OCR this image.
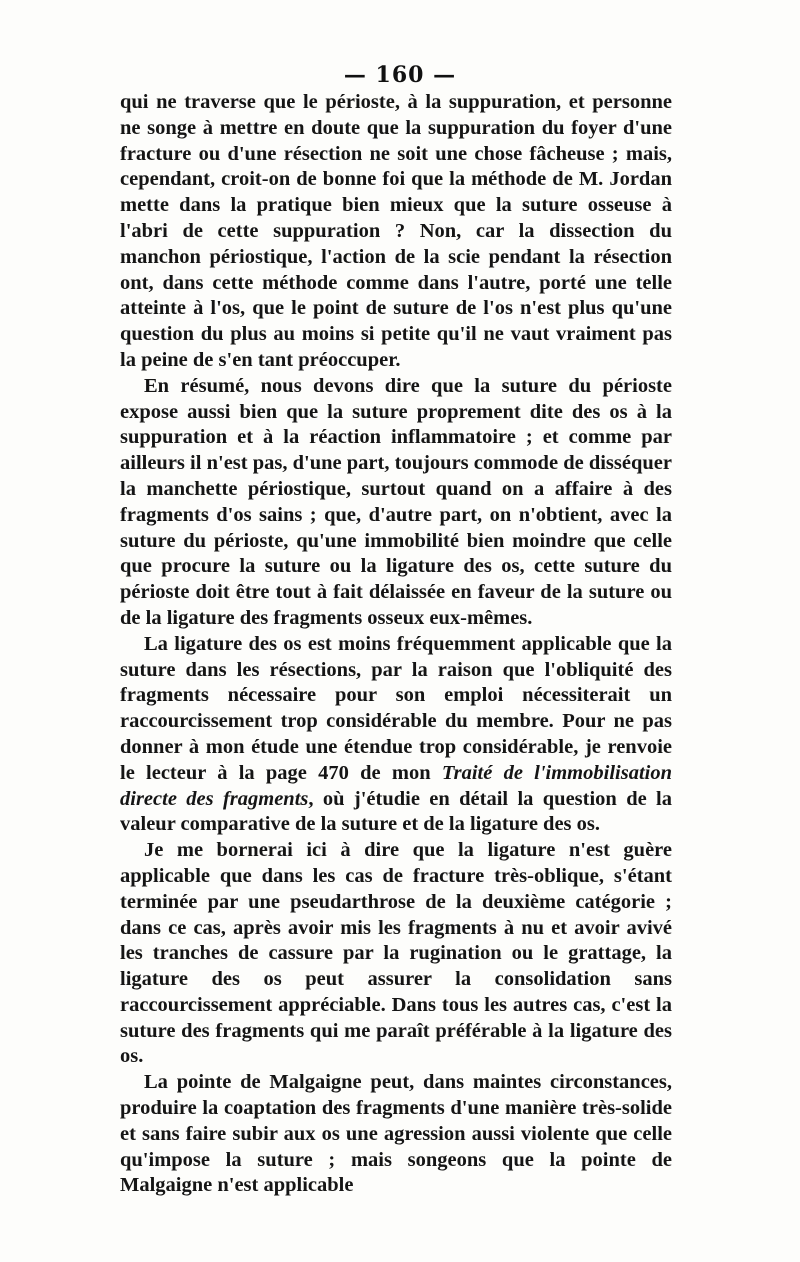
— 160 —

qui ne traverse que le périoste, à la suppuration, et personne ne songe à mettre en doute que la suppuration du foyer d'une fracture ou d'une résection ne soit une chose fâcheuse ; mais, cependant, croit-on de bonne foi que la méthode de M. Jordan mette dans la pratique bien mieux que la suture osseuse à l'abri de cette suppuration ? Non, car la dissection du manchon périostique, l'action de la scie pendant la résection ont, dans cette méthode comme dans l'autre, porté une telle atteinte à l'os, que le point de suture de l'os n'est plus qu'une question du plus au moins si petite qu'il ne vaut vraiment pas la peine de s'en tant préoccuper.

En résumé, nous devons dire que la suture du périoste expose aussi bien que la suture proprement dite des os à la suppuration et à la réaction inflammatoire ; et comme par ailleurs il n'est pas, d'une part, toujours commode de disséquer la manchette périostique, surtout quand on a affaire à des fragments d'os sains ; que, d'autre part, on n'obtient, avec la suture du périoste, qu'une immobilité bien moindre que celle que procure la suture ou la ligature des os, cette suture du périoste doit être tout à fait délaissée en faveur de la suture ou de la ligature des fragments osseux eux-mêmes.

La ligature des os est moins fréquemment applicable que la suture dans les résections, par la raison que l'obliquité des fragments nécessaire pour son emploi nécessiterait un raccourcissement trop considérable du membre. Pour ne pas donner à mon étude une étendue trop considérable, je renvoie le lecteur à la page 470 de mon Traité de l'immobilisation directe des fragments, où j'étudie en détail la question de la valeur comparative de la suture et de la ligature des os.

Je me bornerai ici à dire que la ligature n'est guère applicable que dans les cas de fracture très-oblique, s'étant terminée par une pseudarthrose de la deuxième catégorie ; dans ce cas, après avoir mis les fragments à nu et avoir avivé les tranches de cassure par la rugination ou le grattage, la ligature des os peut assurer la consolidation sans raccourcissement appréciable. Dans tous les autres cas, c'est la suture des fragments qui me paraît préférable à la ligature des os.

La pointe de Malgaigne peut, dans maintes circonstances, produire la coaptation des fragments d'une manière très-solide et sans faire subir aux os une agression aussi violente que celle qu'impose la suture ; mais songeons que la pointe de Malgaigne n'est applicable
